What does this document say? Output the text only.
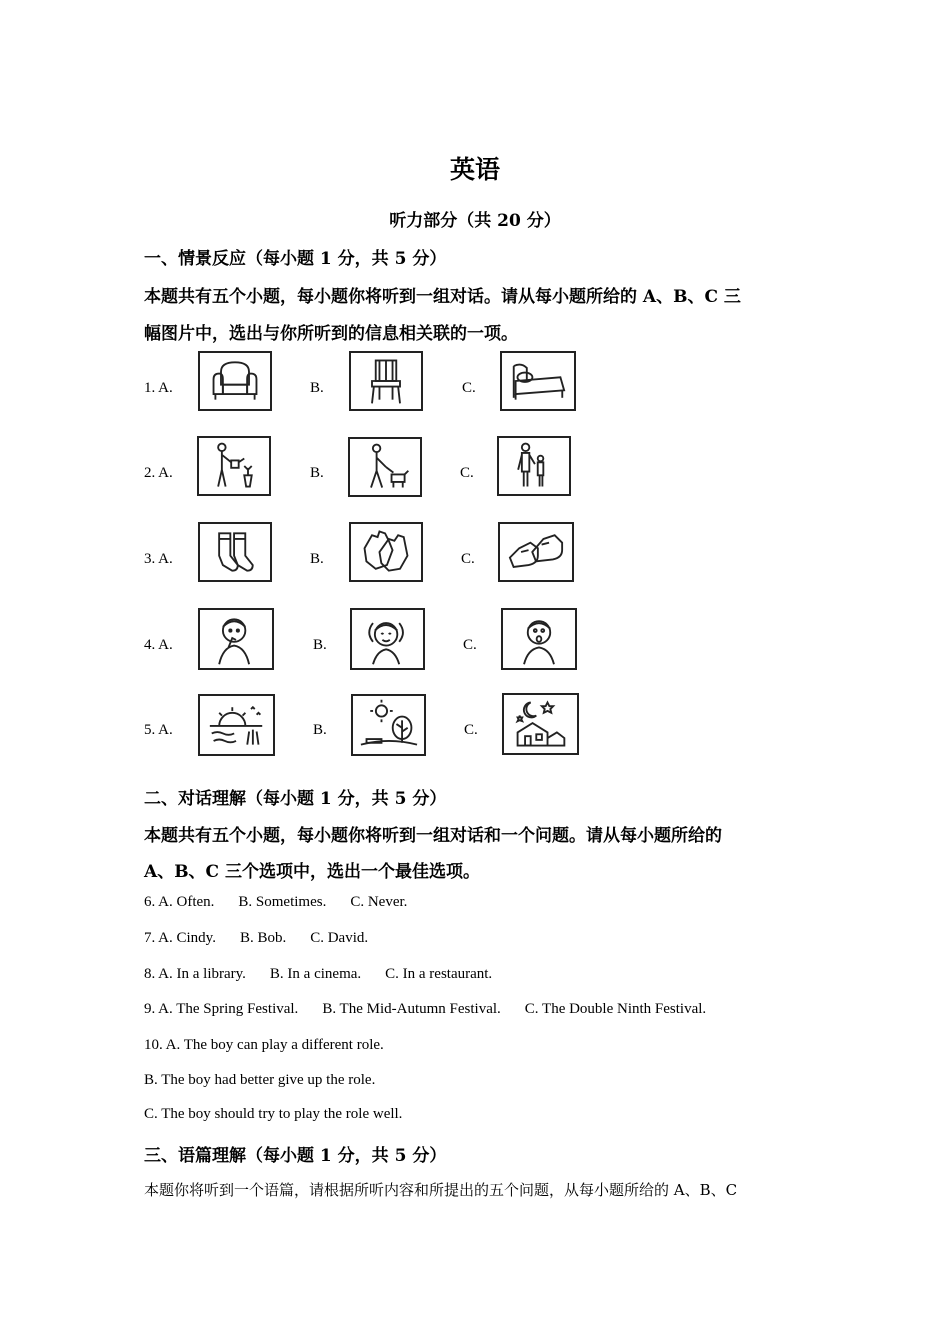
英语
听力部分（共 20 分）
一、情景反应（每小题 1 分，共 5 分）
本题共有五个小题，每小题你将听到一组对话。请从每小题所给的 A、B、C 三
幅图片中，选出与你所听到的信息相关联的一项。
1. A.	B.	C.
2. A.	B.	C.
3. A.	B.	C.
4. A.	B.	C.
5. A.	B.	C.
二、对话理解（每小题 1 分，共 5 分）
本题共有五个小题，每小题你将听到一组对话和一个问题。请从每小题所给的
A、B、C 三个选项中，选出一个最佳选项。
6. A. Often. B. Sometimes. C. Never.
7. A. Cindy. B. Bob. C. David.
8. A. In a library. B. In a cinema. C. In a restaurant.
9. A. The Spring Festival. B. The Mid-Autumn Festival. C. The Double Ninth Festival.
10. A. The boy can play a different role.
B. The boy had better give up the role.
C. The boy should try to play the role well.
三、语篇理解（每小题 1 分，共 5 分）
本题你将听到一个语篇，请根据所听内容和所提出的五个问题，从每小题所给的 A、B、C
